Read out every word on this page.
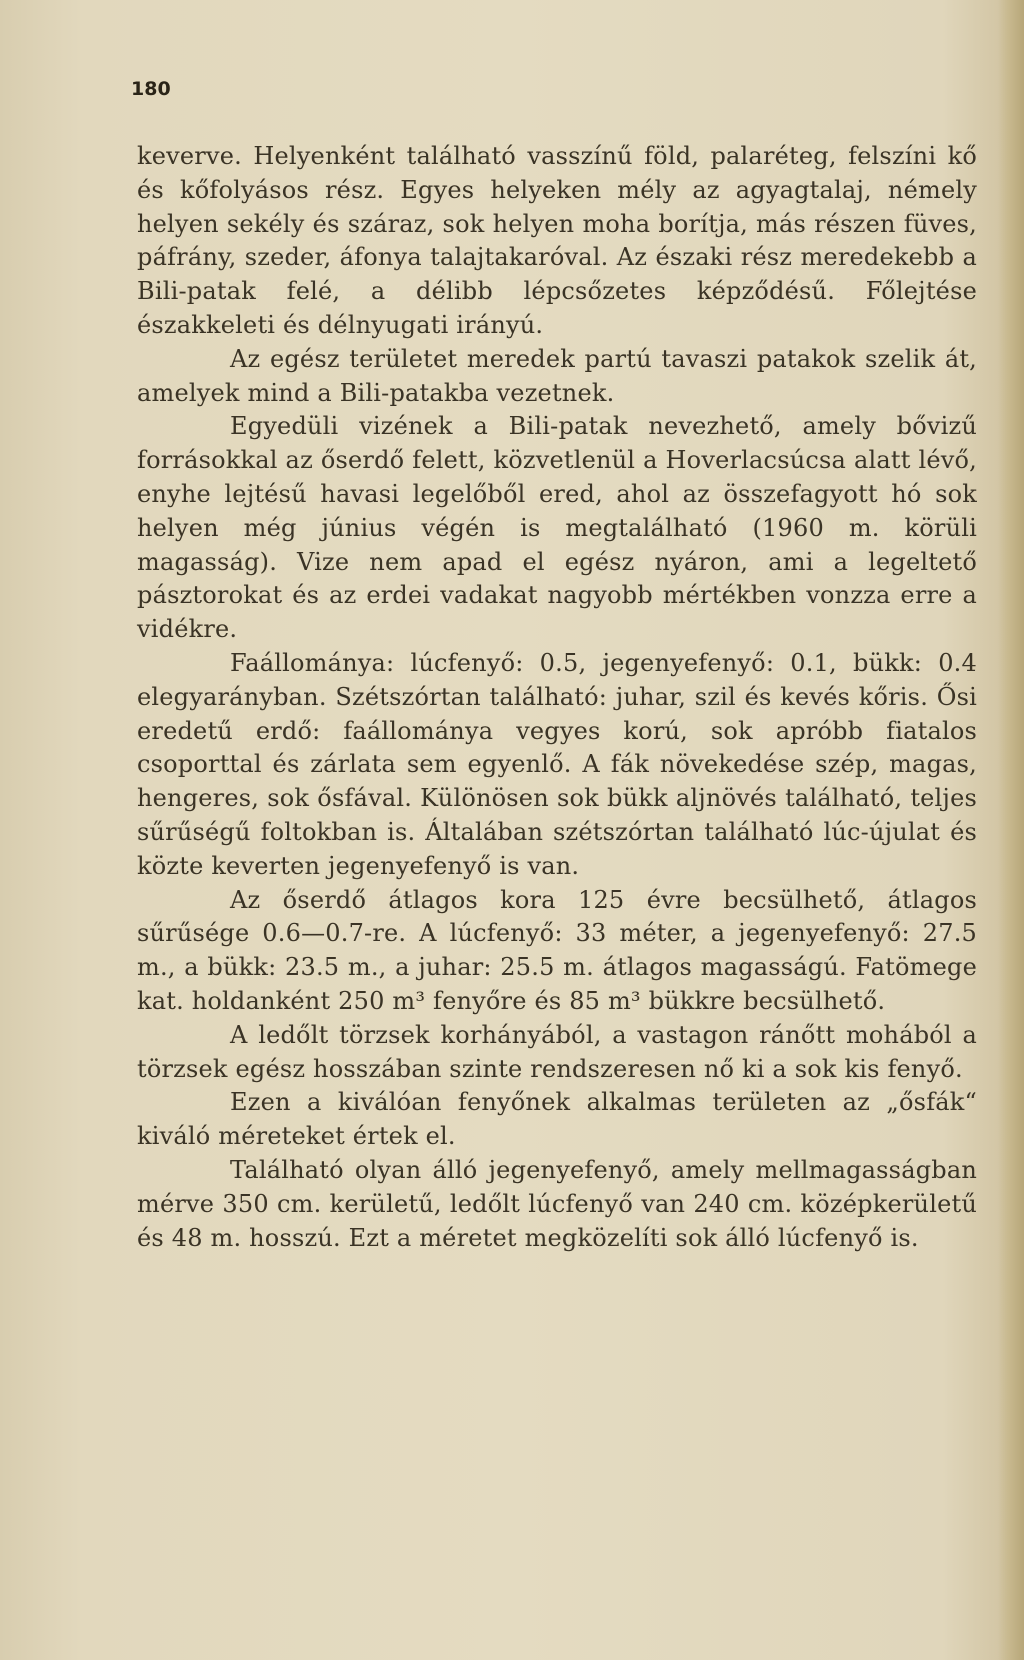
180

keverve. Helyenként található vasszínű föld, palaréteg, felszíni kő és kőfolyásos rész. Egyes helyeken mély az agyagtalaj, némely helyen sekély és száraz, sok helyen moha borítja, más részen füves, páfrány, szeder, áfonya talajtakaróval. Az északi rész meredekebb a Bili-patak felé, a délibb lépcsőzetes képződésű. Főlejtése északkeleti és délnyugati irányú.

Az egész területet meredek partú tavaszi patakok szelik át, amelyek mind a Bili-patakba vezetnek.

Egyedüli vizének a Bili-patak nevezhető, amely bővizű forrásokkal az őserdő felett, közvetlenül a Hoverlacsúcsa alatt lévő, enyhe lejtésű havasi legelőből ered, ahol az összefagyott hó sok helyen még június végén is megtalálható (1960 m. körüli magasság). Vize nem apad el egész nyáron, ami a legeltető pásztorokat és az erdei vadakat nagyobb mértékben vonzza erre a vidékre.

Faállománya: lúcfenyő: 0.5, jegenyefenyő: 0.1, bükk: 0.4 elegyarányban. Szétszórtan található: juhar, szil és kevés kőris. Ősi eredetű erdő: faállománya vegyes korú, sok apróbb fiatalos csoporttal és zárlata sem egyenlő. A fák növekedése szép, magas, hengeres, sok ősfával. Különösen sok bükk aljnövés található, teljes sűrűségű foltokban is. Általában szétszórtan található lúc-újulat és közte keverten jegenyefenyő is van.

Az őserdő átlagos kora 125 évre becsülhető, átlagos sűrűsége 0.6—0.7-re. A lúcfenyő: 33 méter, a jegenyefenyő: 27.5 m., a bükk: 23.5 m., a juhar: 25.5 m. átlagos magasságú. Fatömege kat. holdanként 250 m³ fenyőre és 85 m³ bükkre becsülhető.

A ledőlt törzsek korhányából, a vastagon ránőtt mohából a törzsek egész hosszában szinte rendszeresen nő ki a sok kis fenyő.

Ezen a kiválóan fenyőnek alkalmas területen az „ősfák“ kiváló méreteket értek el.

Található olyan álló jegenyefenyő, amely mellmagasságban mérve 350 cm. kerületű, ledőlt lúcfenyő van 240 cm. középkerületű és 48 m. hosszú. Ezt a méretet megközelíti sok álló lúcfenyő is.
